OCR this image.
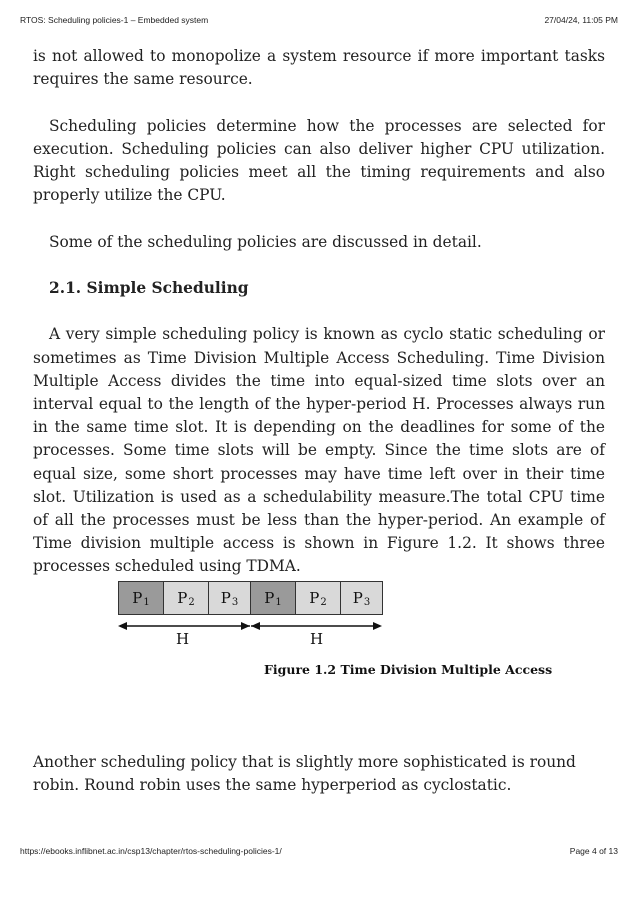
RTOS: Scheduling policies-1 – Embedded system	27/04/24, 11:05 PM

is not allowed to monopolize a system resource if more important tasks requires the same resource.

Scheduling policies determine how the processes are selected for execution. Scheduling policies can also deliver higher CPU utilization. Right scheduling policies meet all the timing requirements and also properly utilize the CPU.

Some of the scheduling policies are discussed in detail.

2.1. Simple Scheduling

A very simple scheduling policy is known as cyclo static scheduling or sometimes as Time Division Multiple Access Scheduling. Time Division Multiple Access divides the time into equal-sized time slots over an interval equal to the length of the hyper-period H. Processes always run in the same time slot. It is depending on the deadlines for some of the processes. Some time slots will be empty. Since the time slots are of equal size, some short processes may have time left over in their time slot. Utilization is used as a schedulability measure.The total CPU time of all the processes must be less than the hyper-period. An example of Time division multiple access is shown in Figure 1.2. It shows three processes scheduled using TDMA.

P 1 P 2 P 3 P 1 P 2 P 3
H	H
Figure 1.2 Time Division Multiple Access

Another scheduling policy that is slightly more sophisticated is round robin. Round robin uses the same hyperperiod as cyclostatic.

https://ebooks.inflibnet.ac.in/csp13/chapter/rtos-scheduling-policies-1/	Page 4 of 13
